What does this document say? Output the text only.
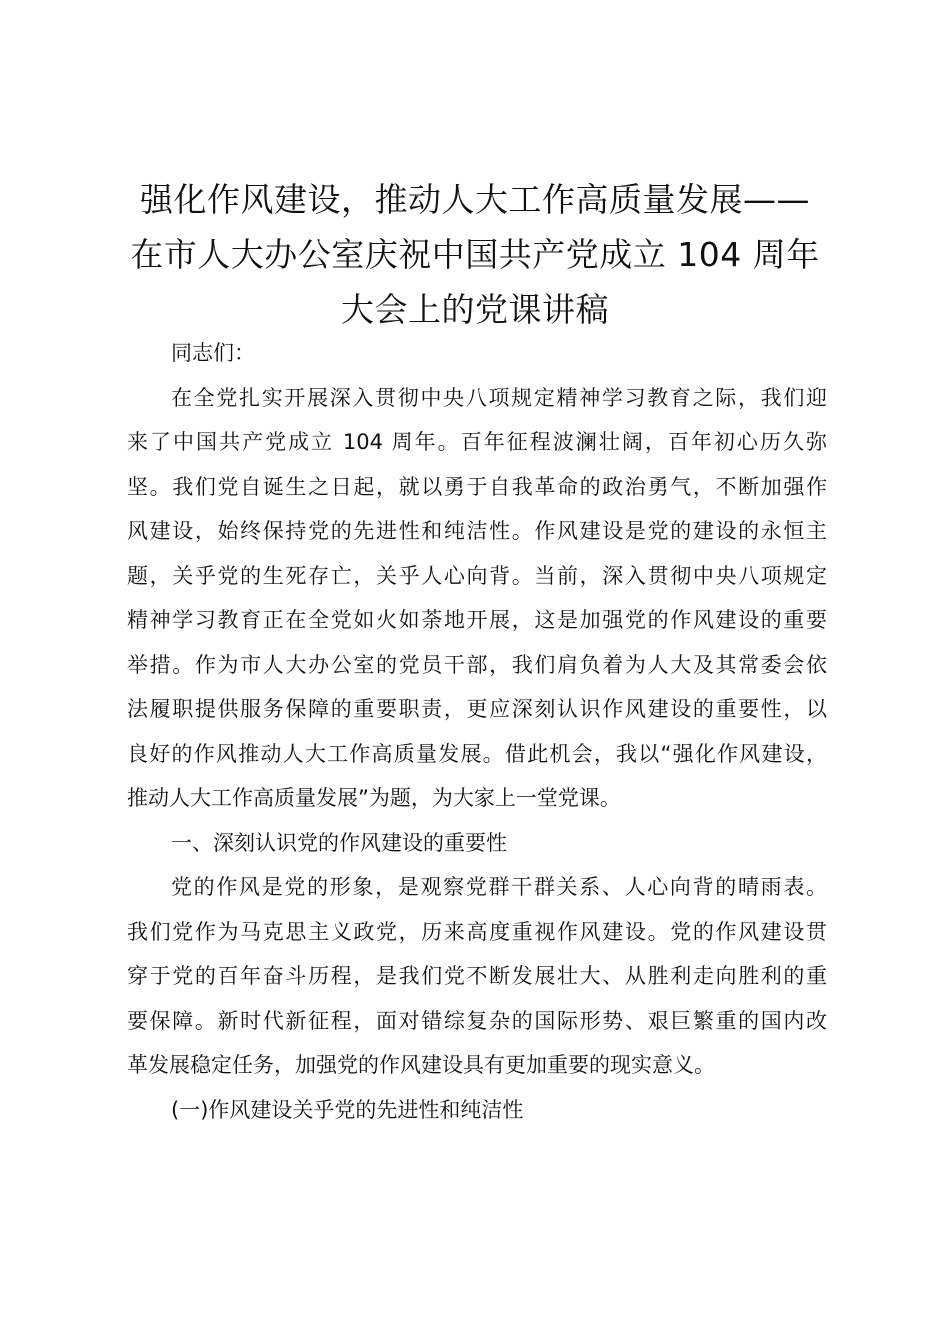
强化作风建设，推动人大工作高质量发展——
在市人大办公室庆祝中国共产党成立 104 周年
大会上的党课讲稿
同志们：
在全党扎实开展深入贯彻中央八项规定精神学习教育之际，我们迎
来了中国共产党成立 104 周年。百年征程波澜壮阔，百年初心历久弥
坚。我们党自诞生之日起，就以勇于自我革命的政治勇气，不断加强作
风建设，始终保持党的先进性和纯洁性。作风建设是党的建设的永恒主
题，关乎党的生死存亡，关乎人心向背。当前，深入贯彻中央八项规定
精神学习教育正在全党如火如荼地开展，这是加强党的作风建设的重要
举措。作为市人大办公室的党员干部，我们肩负着为人大及其常委会依
法履职提供服务保障的重要职责，更应深刻认识作风建设的重要性，以
良好的作风推动人大工作高质量发展。借此机会，我以“强化作风建设，
推动人大工作高质量发展”为题，为大家上一堂党课。
一、深刻认识党的作风建设的重要性
党的作风是党的形象，是观察党群干群关系、人心向背的晴雨表。
我们党作为马克思主义政党，历来高度重视作风建设。党的作风建设贯
穿于党的百年奋斗历程，是我们党不断发展壮大、从胜利走向胜利的重
要保障。新时代新征程，面对错综复杂的国际形势、艰巨繁重的国内改
革发展稳定任务，加强党的作风建设具有更加重要的现实意义。
(一)作风建设关乎党的先进性和纯洁性
